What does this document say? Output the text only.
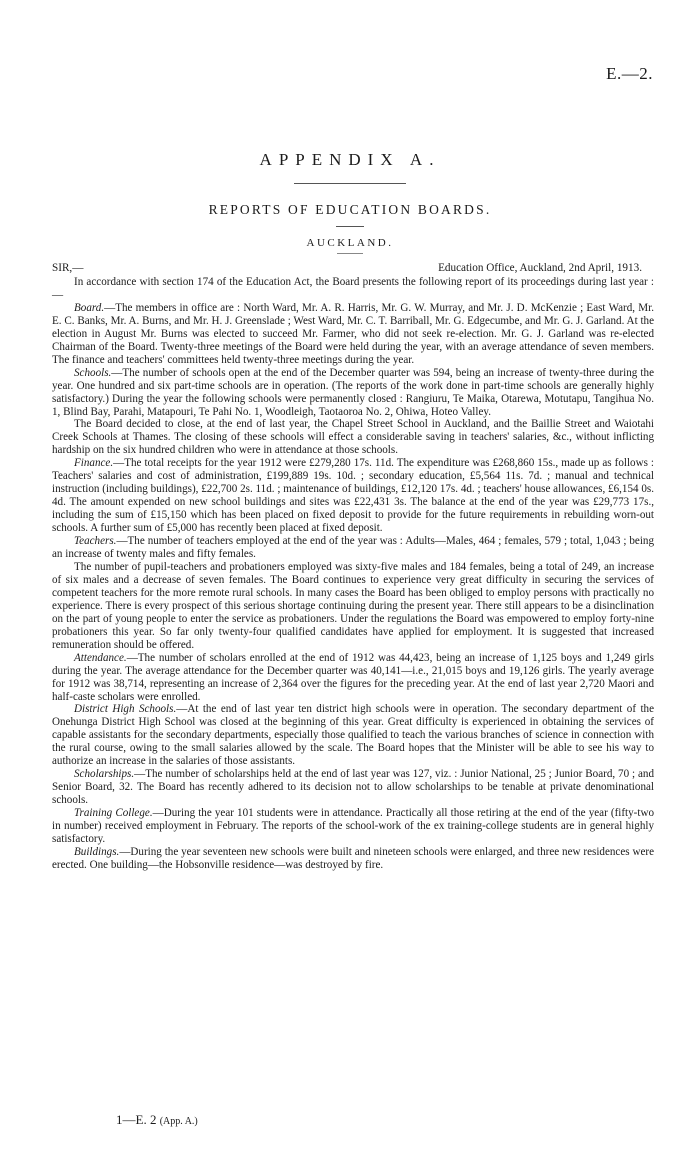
E.—2.
APPENDIX A.
REPORTS OF EDUCATION BOARDS.
AUCKLAND.
SIR,—	Education Office, Auckland, 2nd April, 1913.

In accordance with section 174 of the Education Act, the Board presents the following report of its proceedings during last year :—

Board.—The members in office are : North Ward, Mr. A. R. Harris, Mr. G. W. Murray, and Mr. J. D. McKenzie ; East Ward, Mr. E. C. Banks, Mr. A. Burns, and Mr. H. J. Greenslade ; West Ward, Mr. C. T. Barriball, Mr. G. Edgecumbe, and Mr. G. J. Garland. At the election in August Mr. Burns was elected to succeed Mr. Farmer, who did not seek re-election. Mr. G. J. Garland was re-elected Chairman of the Board. Twenty-three meetings of the Board were held during the year, with an average attendance of seven members. The finance and teachers' committees held twenty-three meetings during the year.

Schools.—The number of schools open at the end of the December quarter was 594, being an increase of twenty-three during the year. One hundred and six part-time schools are in operation. (The reports of the work done in part-time schools are generally highly satisfactory.) During the year the following schools were permanently closed : Rangiuru, Te Maika, Otarewa, Motutapu, Tangihua No. 1, Blind Bay, Parahi, Matapouri, Te Pahi No. 1, Woodleigh, Taotaoroa No. 2, Ohiwa, Hoteo Valley.

The Board decided to close, at the end of last year, the Chapel Street School in Auckland, and the Baillie Street and Waiotahi Creek Schools at Thames. The closing of these schools will effect a considerable saving in teachers' salaries, &c., without inflicting hardship on the six hundred children who were in attendance at those schools.

Finance.—The total receipts for the year 1912 were £279,280 17s. 11d. The expenditure was £268,860 15s., made up as follows : Teachers' salaries and cost of administration, £199,889 19s. 10d. ; secondary education, £5,564 11s. 7d. ; manual and technical instruction (including buildings), £22,700 2s. 11d. ; maintenance of buildings, £12,120 17s. 4d. ; teachers' house allowances, £6,154 0s. 4d. The amount expended on new school buildings and sites was £22,431 3s. The balance at the end of the year was £29,773 17s., including the sum of £15,150 which has been placed on fixed deposit to provide for the future requirements in rebuilding worn-out schools. A further sum of £5,000 has recently been placed at fixed deposit.

Teachers.—The number of teachers employed at the end of the year was : Adults—Males, 464 ; females, 579 ; total, 1,043 ; being an increase of twenty males and fifty females.

The number of pupil-teachers and probationers employed was sixty-five males and 184 females, being a total of 249, an increase of six males and a decrease of seven females. The Board continues to experience very great difficulty in securing the services of competent teachers for the more remote rural schools. In many cases the Board has been obliged to employ persons with practically no experience. There is every prospect of this serious shortage continuing during the present year. There still appears to be a disinclination on the part of young people to enter the service as probationers. Under the regulations the Board was empowered to employ forty-nine probationers this year. So far only twenty-four qualified candidates have applied for employment. It is suggested that increased remuneration should be offered.

Attendance.—The number of scholars enrolled at the end of 1912 was 44,423, being an increase of 1,125 boys and 1,249 girls during the year. The average attendance for the December quarter was 40,141—i.e., 21,015 boys and 19,126 girls. The yearly average for 1912 was 38,714, representing an increase of 2,364 over the figures for the preceding year. At the end of last year 2,720 Maori and half-caste scholars were enrolled.

District High Schools.—At the end of last year ten district high schools were in operation. The secondary department of the Onehunga District High School was closed at the beginning of this year. Great difficulty is experienced in obtaining the services of capable assistants for the secondary departments, especially those qualified to teach the various branches of science in connection with the rural course, owing to the small salaries allowed by the scale. The Board hopes that the Minister will be able to see his way to authorize an increase in the salaries of those assistants.

Scholarships.—The number of scholarships held at the end of last year was 127, viz. : Junior National, 25 ; Junior Board, 70 ; and Senior Board, 32. The Board has recently adhered to its decision not to allow scholarships to be tenable at private denominational schools.

Training College.—During the year 101 students were in attendance. Practically all those retiring at the end of the year (fifty-two in number) received employment in February. The reports of the school-work of the ex training-college students are in general highly satisfactory.

Buildings.—During the year seventeen new schools were built and nineteen schools were enlarged, and three new residences were erected. One building—the Hobsonville residence—was destroyed by fire.

1—E. 2 (App. A.)
